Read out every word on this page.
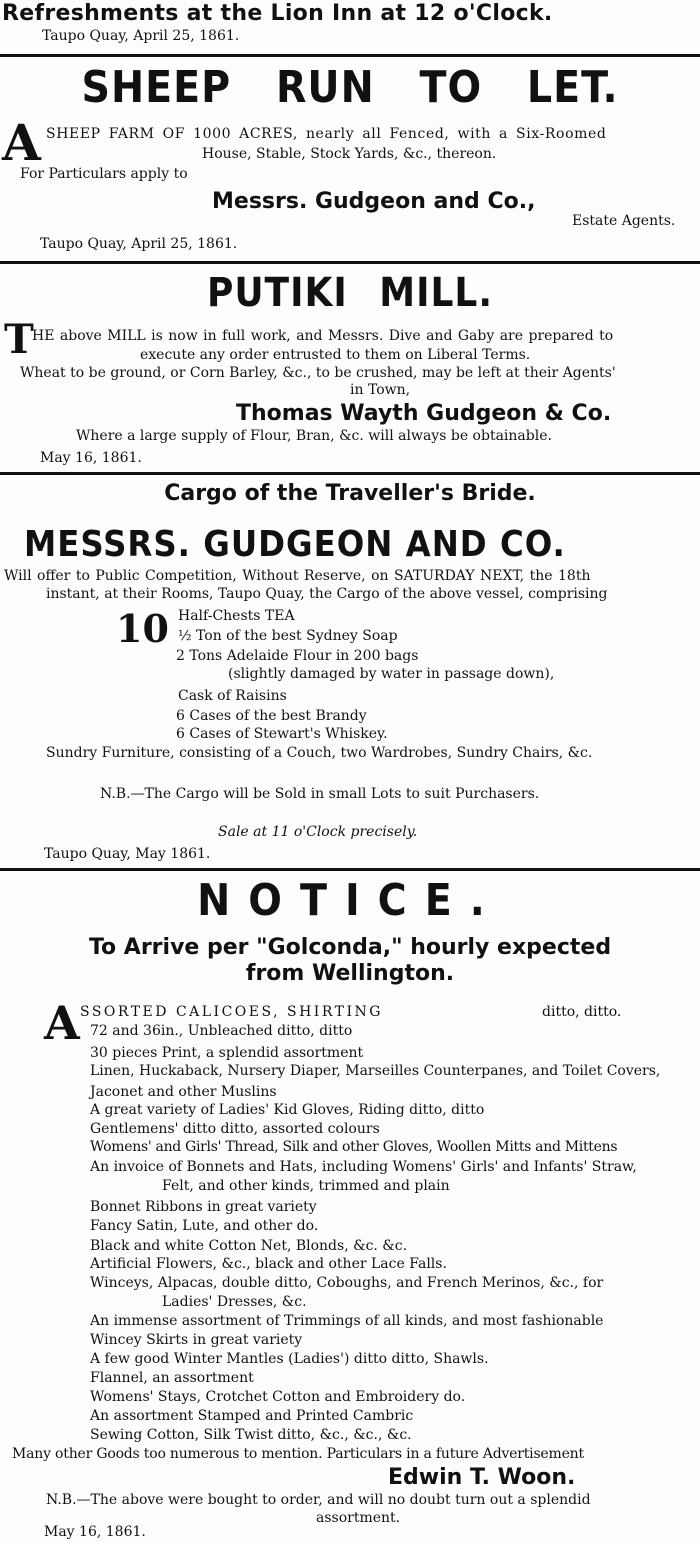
Refreshments at the Lion Inn at 12 o'Clock.
Taupo Quay, April 25, 1861.
SHEEP RUN TO LET.
A SHEEP FARM OF 1000 ACRES, nearly all Fenced, with a Six-Roomed
House, Stable, Stock Yards, &c., thereon.
For Particulars apply to
Messrs. Gudgeon and Co.,
Estate Agents.
Taupo Quay, April 25, 1861.
PUTIKI MILL.
T
HE above MILL is now in full work, and Messrs. Dive and Gaby are prepared to
execute any order entrusted to them on Liberal Terms.
Wheat to be ground, or Corn Barley, &c., to be crushed, may be left at their Agents'
in Town,
Thomas Wayth Gudgeon & Co.
Where a large supply of Flour, Bran, &c. will always be obtainable.
May 16, 1861.
Cargo of the Traveller's Bride.
MESSRS. GUDGEON AND CO.
Will offer to Public Competition, Without Reserve, on SATURDAY NEXT, the 18th
instant, at their Rooms, Taupo Quay, the Cargo of the above vessel, comprising
10 Half-Chests TEA
½ Ton of the best Sydney Soap
2 Tons Adelaide Flour in 200 bags
(slightly damaged by water in passage down),
Cask of Raisins
6 Cases of the best Brandy
6 Cases of Stewart's Whiskey.
Sundry Furniture, consisting of a Couch, two Wardrobes, Sundry Chairs, &c.
N.B.—The Cargo will be Sold in small Lots to suit Purchasers.
Sale at 11 o'Clock precisely.
Taupo Quay, May 1861.
NOTICE.
To Arrive per "Golconda," hourly expected
from Wellington.
A SSORTED CALICOES, SHIRTING	ditto, ditto.
72 and 36in., Unbleached ditto, ditto
30 pieces Print, a splendid assortment
Linen, Huckaback, Nursery Diaper, Marseilles Counterpanes, and Toilet Covers,
Jaconet and other Muslins
A great variety of Ladies' Kid Gloves, Riding ditto, ditto
Gentlemens' ditto ditto, assorted colours
Womens' and Girls' Thread, Silk and other Gloves, Woollen Mitts and Mittens
An invoice of Bonnets and Hats, including Womens' Girls' and Infants' Straw,
Felt, and other kinds, trimmed and plain
Bonnet Ribbons in great variety
Fancy Satin, Lute, and other do.
Black and white Cotton Net, Blonds, &c. &c.
Artificial Flowers, &c., black and other Lace Falls.
Winceys, Alpacas, double ditto, Coboughs, and French Merinos, &c., for
Ladies' Dresses, &c.
An immense assortment of Trimmings of all kinds, and most fashionable
Wincey Skirts in great variety
A few good Winter Mantles (Ladies') ditto ditto, Shawls.
Flannel, an assortment
Womens' Stays, Crotchet Cotton and Embroidery do.
An assortment Stamped and Printed Cambric
Sewing Cotton, Silk Twist ditto, &c., &c., &c.
Many other Goods too numerous to mention. Particulars in a future Advertisement
Edwin T. Woon.
N.B.—The above were bought to order, and will no doubt turn out a splendid
assortment.
May 16, 1861.
